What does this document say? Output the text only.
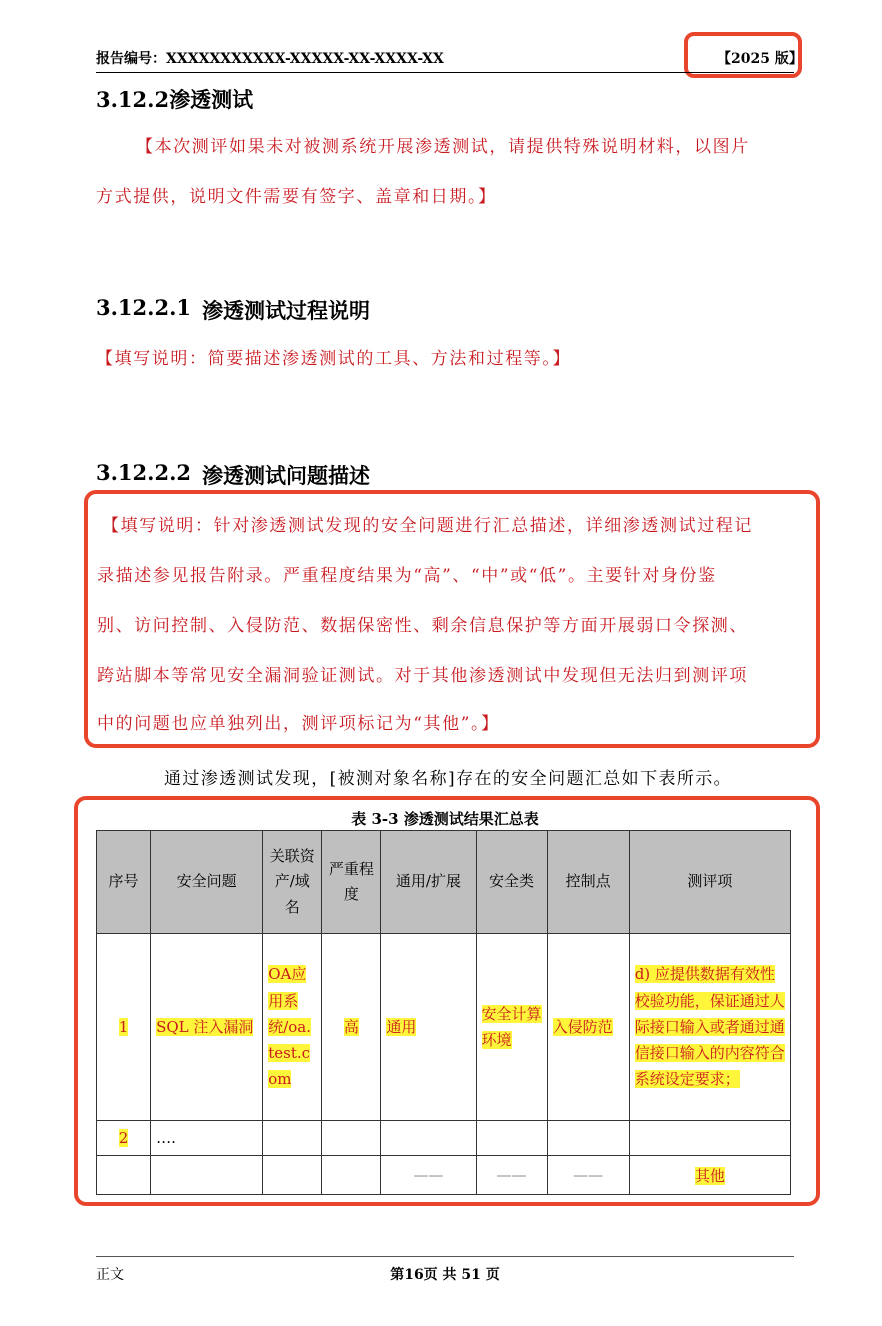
报告编号：XXXXXXXXXXX-XXXXX-XX-XXXX-XX	【2025 版】
3.12.2渗透测试
【本次测评如果未对被测系统开展渗透测试，请提供特殊说明材料，以图片
方式提供，说明文件需要有签字、盖章和日期。】
3.12.2.1 渗透测试过程说明
【填写说明：简要描述渗透测试的工具、方法和过程等。】
3.12.2.2 渗透测试问题描述
【填写说明：针对渗透测试发现的安全问题进行汇总描述，详细渗透测试过程记
录描述参见报告附录。严重程度结果为“高”、“中”或“低”。主要针对身份鉴
别、访问控制、入侵防范、数据保密性、剩余信息保护等方面开展弱口令探测、
跨站脚本等常见安全漏洞验证测试。对于其他渗透测试中发现但无法归到测评项
中的问题也应单独列出，测评项标记为“其他”。】
通过渗透测试发现，[被测对象名称]存在的安全问题汇总如下表所示。
表 3-3 渗透测试结果汇总表
序号	安全问题	关联资产/域名	严重程度	通用/扩展	安全类	控制点	测评项
1	SQL 注入漏洞	OA应用系统/oa.test.com	高	通用	安全计算环境	入侵防范	d) 应提供数据有效性校验功能，保证通过人际接口输入或者通过通信接口输入的内容符合系统设定要求；
2	….						
				——	——	——	其他
正文	第16页 共 51 页
